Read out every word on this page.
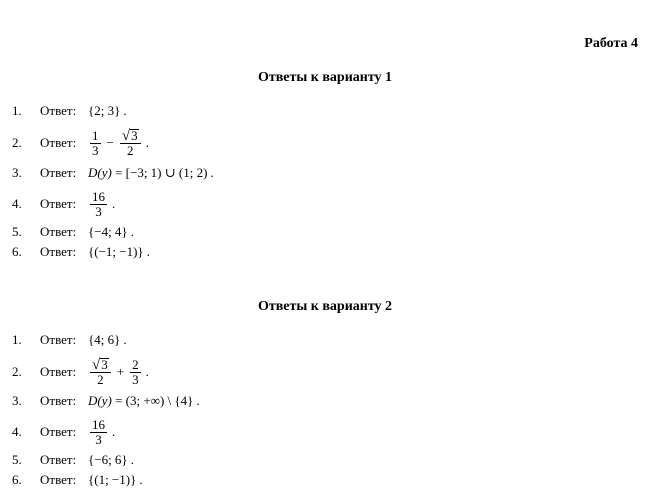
Работа 4
Ответы к варианту 1
1. Ответ: {2; 3} .
2. Ответ: $\frac{1}{3} - \frac{√ 3}{2}$ .
3. Ответ: D(y)
= [−3; 1) ∪ (1; 2) .
4. Ответ: $\frac{16}{3}$ .
5. Ответ: {−4; 4} .
6. Ответ: {(−1; −1)} .
Ответы к варианту 2
1. Ответ: {4; 6} .
2. Ответ: $\frac{√ 3}{2} + \frac{2}{3}$ .
3. Ответ: D(y)
= (3; +∞) \ {4} .
4. Ответ: $\frac{16}{3}$ .
5. Ответ: {−6; 6} .
6. Ответ: {(1; −1)} .
